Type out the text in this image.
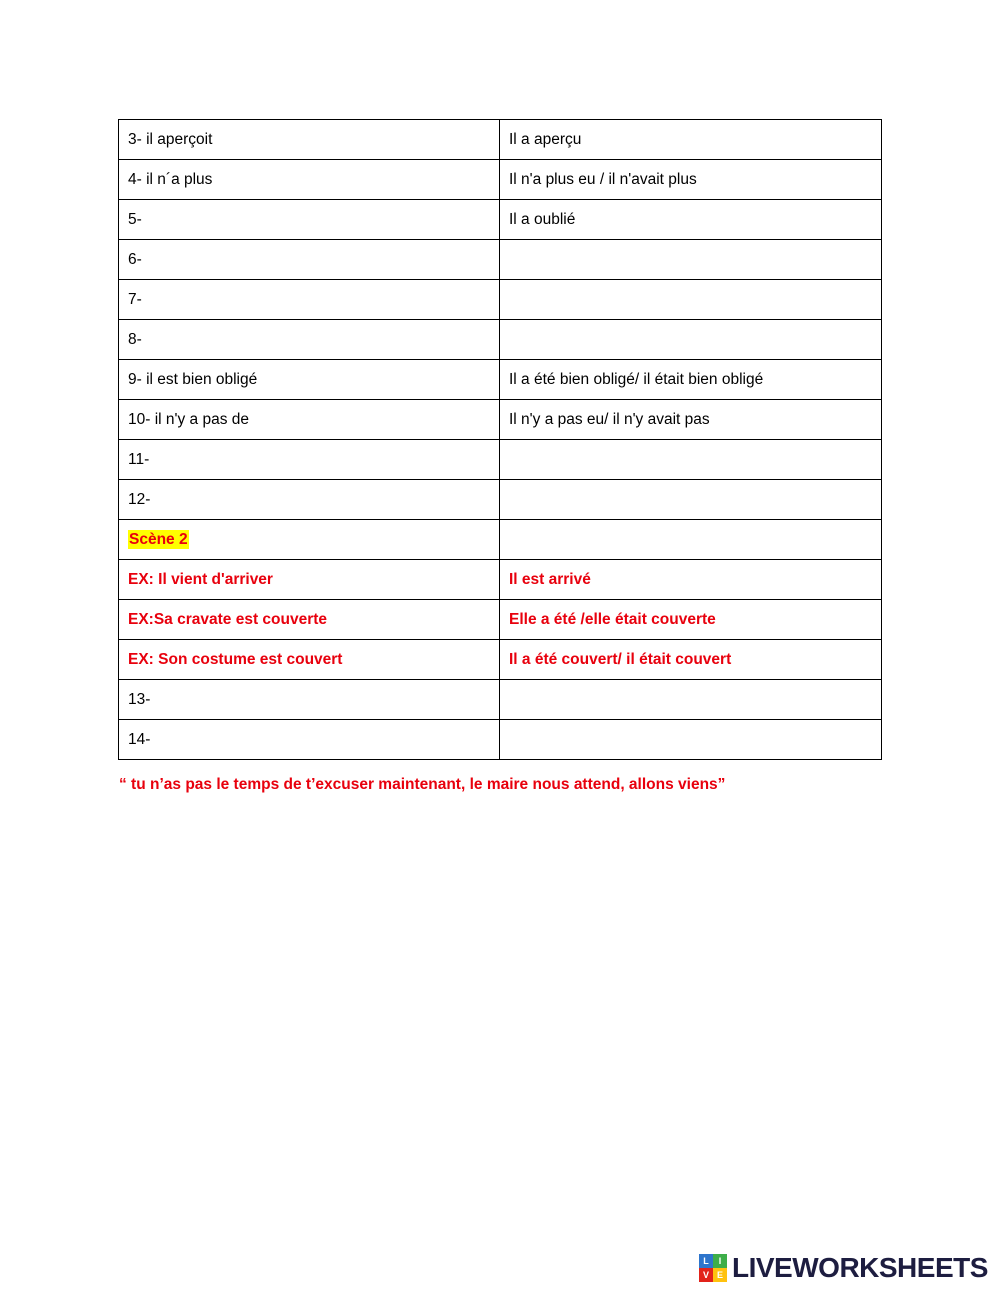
3- il aperçoit	Il a aperçu
4- il n´a plus	Il n'a plus eu / il n'avait plus
5-	Il a oublié
6-	
7-	
8-	
9- il est bien obligé	Il a été bien obligé/ il était bien obligé
10- il n'y a pas de	Il n'y a pas eu/ il n'y avait pas
11-	
12-	
Scène 2	
EX: Il vient d'arriver	Il est arrivé
EX:Sa cravate est couverte	Elle a été /elle était couverte
EX: Son costume est couvert	Il a été couvert/ il était couvert
13-	
14-	
“ tu n’as pas le temps de t’excuser maintenant, le maire nous attend, allons viens”
L	I
V E LIVEWORKSHEETS
